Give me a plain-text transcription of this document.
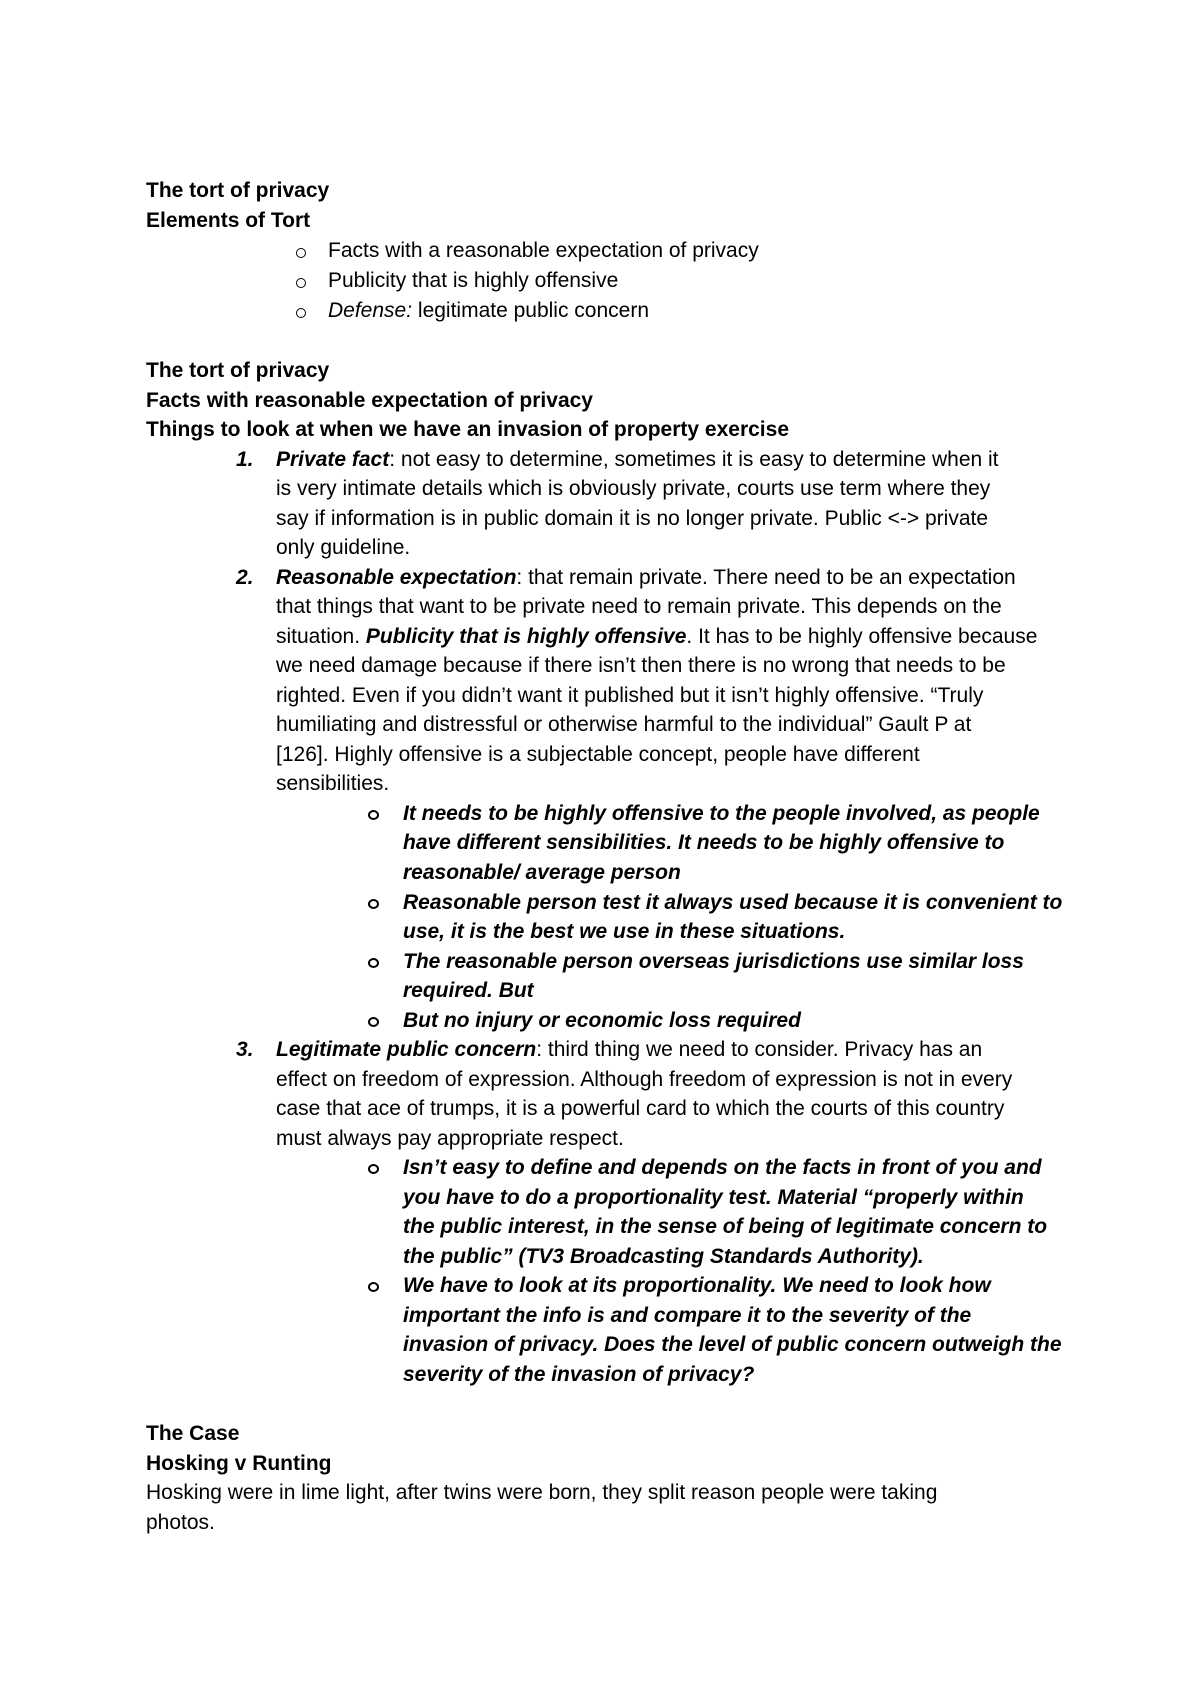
The tort of privacy
Elements of Tort
Facts with a reasonable expectation of privacy
Publicity that is highly offensive
Defense: legitimate public concern
The tort of privacy
Facts with reasonable expectation of privacy
Things to look at when we have an invasion of property exercise
1. Private fact: not easy to determine, sometimes it is easy to determine when it
is very intimate details which is obviously private, courts use term where they
say if information is in public domain it is no longer private. Public <-> private
only guideline.
2. Reasonable expectation: that remain private. There need to be an expectation
that things that want to be private need to remain private. This depends on the
situation. Publicity that is highly offensive. It has to be highly offensive because
we need damage because if there isn’t then there is no wrong that needs to be
righted. Even if you didn’t want it published but it isn’t highly offensive. “Truly
humiliating and distressful or otherwise harmful to the individual” Gault P at
[126]. Highly offensive is a subjectable concept, people have different
sensibilities.
It needs to be highly offensive to the people involved, as people
have different sensibilities. It needs to be highly offensive to
reasonable/ average person
Reasonable person test it always used because it is convenient to
use, it is the best we use in these situations.
The reasonable person overseas jurisdictions use similar loss
required. But
But no injury or economic loss required
3. Legitimate public concern: third thing we need to consider. Privacy has an
effect on freedom of expression. Although freedom of expression is not in every
case that ace of trumps, it is a powerful card to which the courts of this country
must always pay appropriate respect.
Isn’t easy to define and depends on the facts in front of you and
you have to do a proportionality test. Material “properly within
the public interest, in the sense of being of legitimate concern to
the public” (TV3 Broadcasting Standards Authority).
We have to look at its proportionality. We need to look how
important the info is and compare it to the severity of the
invasion of privacy. Does the level of public concern outweigh the
severity of the invasion of privacy?
The Case
Hosking v Runting
Hosking were in lime light, after twins were born, they split reason people were taking
photos.
